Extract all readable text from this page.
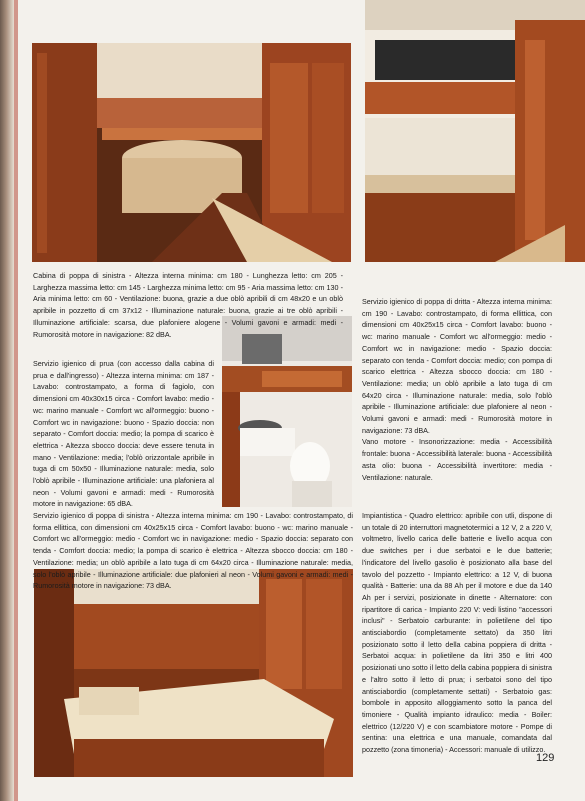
Cabina di poppa di sinistra - Altezza interna minima: cm 180 - Lunghezza letto: cm 205 - Larghezza massima letto: cm 145 - Larghezza minima letto: cm 95 - Aria massima letto: cm 130 - Aria minima letto: cm 60 - Ventilazione: buona, grazie a due oblò apribili di cm 48x20 e un oblò apribile in pozzetto di cm 37x12 - Illuminazione naturale: buona, grazie ai tre oblò apribili - Illuminazione artificiale: scarsa, due plafoniere alogene - Volumi gavoni e armadi: medi - Rumorosità motore in navigazione: 82 dBA.

Servizio igienico di prua (con accesso dalla cabina di prua e dall'ingresso) - Altezza interna minima: cm 187 - Lavabo: controstampato, a forma di fagiolo, con dimensioni cm 40x30x15 circa - Comfort lavabo: medio - wc: marino manuale - Comfort wc all'ormeggio: buono - Comfort wc in navigazione: buono - Spazio doccia: non separato - Comfort doccia: medio; la pompa di scarico è elettrica - Altezza sbocco doccia: deve essere tenuta in mano - Ventilazione: media; l'oblò orizzontale apribile in tuga di cm 50x50 - Illuminazione naturale: media, solo l'oblò apribile - Illuminazione artificiale: una plafoniera al neon - Volumi gavoni e armadi: medi - Rumorosità motore in navigazione: 65 dBA.

Servizio igienico di poppa di sinistra - Altezza interna minima: cm 190 - Lavabo: controstampato, di forma ellittica, con dimensioni cm 40x25x15 circa - Comfort lavabo: buono - wc: marino manuale - Comfort wc all'ormeggio: medio - Comfort wc in navigazione: medio - Spazio doccia: separato con tenda - Comfort doccia: medio; la pompa di scarico è elettrica - Altezza sbocco doccia: cm 180 - Ventilazione: media; un oblò apribile a lato tuga di cm 64x20 circa - Illuminazione naturale: media, solo l'oblò apribile - Illuminazione artificiale: due plafonieri al neon - Volumi gavoni e armadi: medi - Rumorosità motore in navigazione: 73 dBA.

Servizio igienico di poppa di dritta - Altezza interna minima: cm 190 - Lavabo: controstampato, di forma ellittica, con dimensioni cm 40x25x15 circa - Comfort lavabo: buono - wc: marino manuale - Comfort wc all'ormeggio: medio - Comfort wc in navigazione: medio - Spazio doccia: separato con tenda - Comfort doccia: medio; con pompa di scarico elettrica - Altezza sbocco doccia: cm 180 - Ventilazione: media; un oblò apribile a lato tuga di cm 64x20 circa - Illuminazione naturale: media, solo l'oblò apribile - Illuminazione artificiale: due plafoniere al neon - Volumi gavoni e armadi: medi - Rumorosità motore in navigazione: 73 dBA.

Vano motore - Insonorizzazione: media - Accessibilità frontale: buona - Accessibilità laterale: buona - Accessibilità asta olio: buona - Accessibilità invertitore: media - Ventilazione: naturale.

Impiantistica - Quadro elettrico: apribile con utli, dispone di un totale di 20 interruttori magnetotermici a 12 V, 2 a 220 V, voltmetro, livello carica delle batterie e livello acqua con due switches per i due serbatoi e le due batterie; l'indicatore del livello gasolio è posizionato alla base del tavolo del pozzetto - Impianto elettrico: a 12 V, di buona qualità - Batterie: una da 88 Ah per il motore e due da 140 Ah per i servizi, posizionate in dinette - Alternatore: con ripartitore di carica - Impianto 220 V: vedi listino "accessori inclusi" - Serbatoio carburante: in polietilene del tipo antisciabordio (completamente settato) da 350 litri posizionato sotto il letto della cabina poppiera di dritta - Serbatoi acqua: in polietilene da litri 350 e litri 400 posizionati uno sotto il letto della cabina poppiera di sinistra e l'altro sotto il letto di prua; i serbatoi sono del tipo antisciabordio (completamente settati) - Serbatoio gas: bombole in apposito alloggiamento sotto la panca del timoniere - Qualità impianto idraulico: media - Boiler: elettrico (12/220 V) e con scambiatore motore - Pompe di sentina: una elettrica e una manuale, comandata dal pozzetto (zona timoneria) - Accessori: manuale di utilizzo.

129
